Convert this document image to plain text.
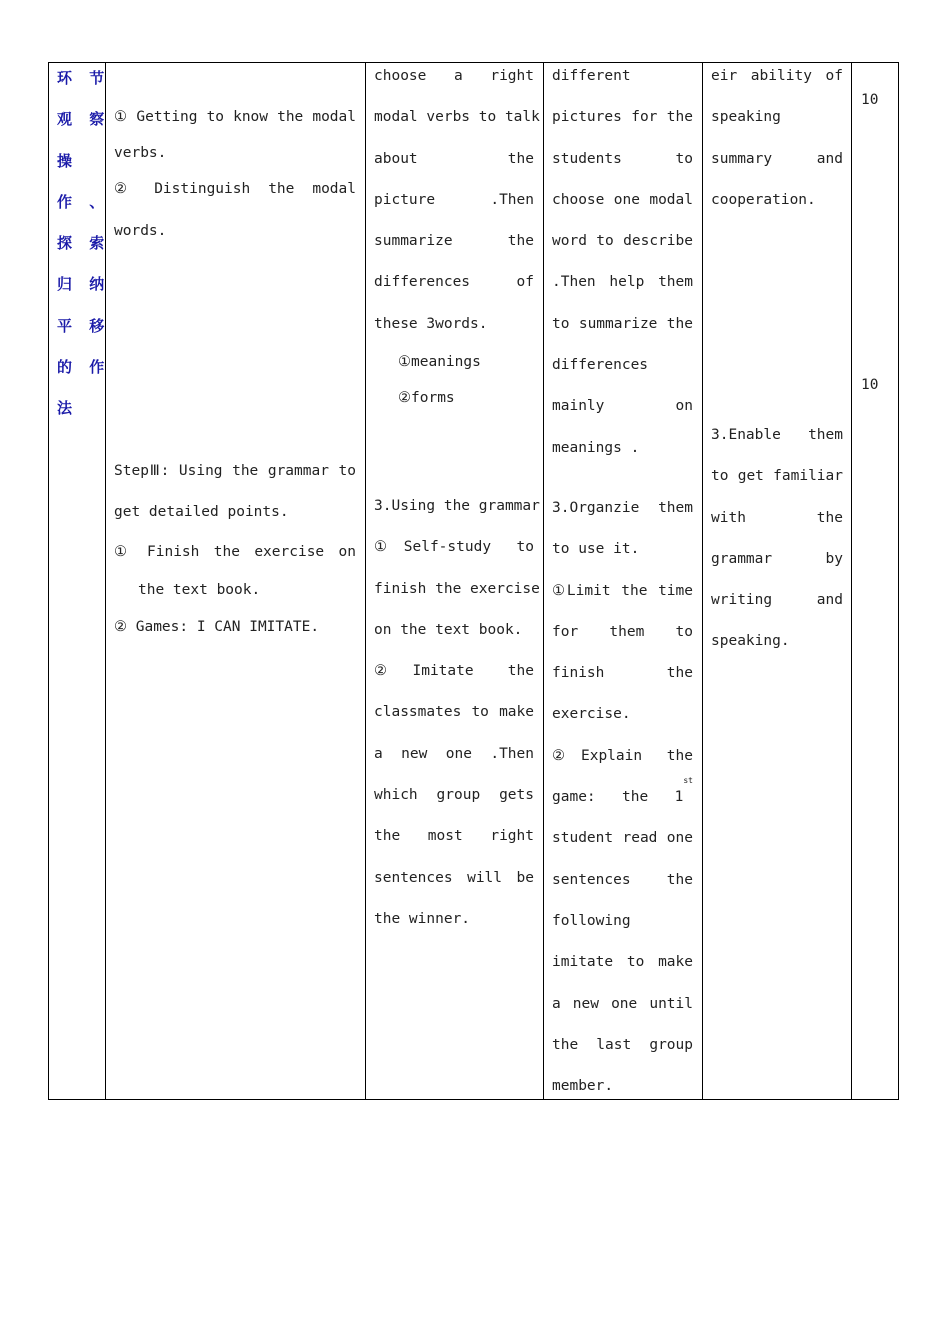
环 节
观 察
操
作 、
探 索
归 纳
平 移
的 作
法
① Getting to know the modal
verbs.
② Distinguish the modal
words.
StepⅢ: Using the grammar to
get detailed points.
① Finish the exercise on
the text book.
② Games: I CAN IMITATE.
choose a right
modal verbs to talk
about the
picture .Then
summarize the
differences of
these 3words.
①meanings
②forms
3.Using the grammar
①Self-study to
finish the exercise
on the text book.
②Imitate the
classmates to make
a new one .Then
which group gets
the most right
sentences will be
the winner.
different
pictures for the
students to
choose one modal
word to describe
.Then help them
to summarize the
differences
mainly on
meanings .
3.Organzie them
to use it.
①Limit the time
for them to
finish the
exercise.
②Explain the
game: the 1st
student read one
sentences the
following
imitate to make
a new one until
the last group
member.
eir ability of
speaking
summary and
cooperation.
3.Enable them
to get familiar
with the
grammar by
writing and
speaking.
10
10
